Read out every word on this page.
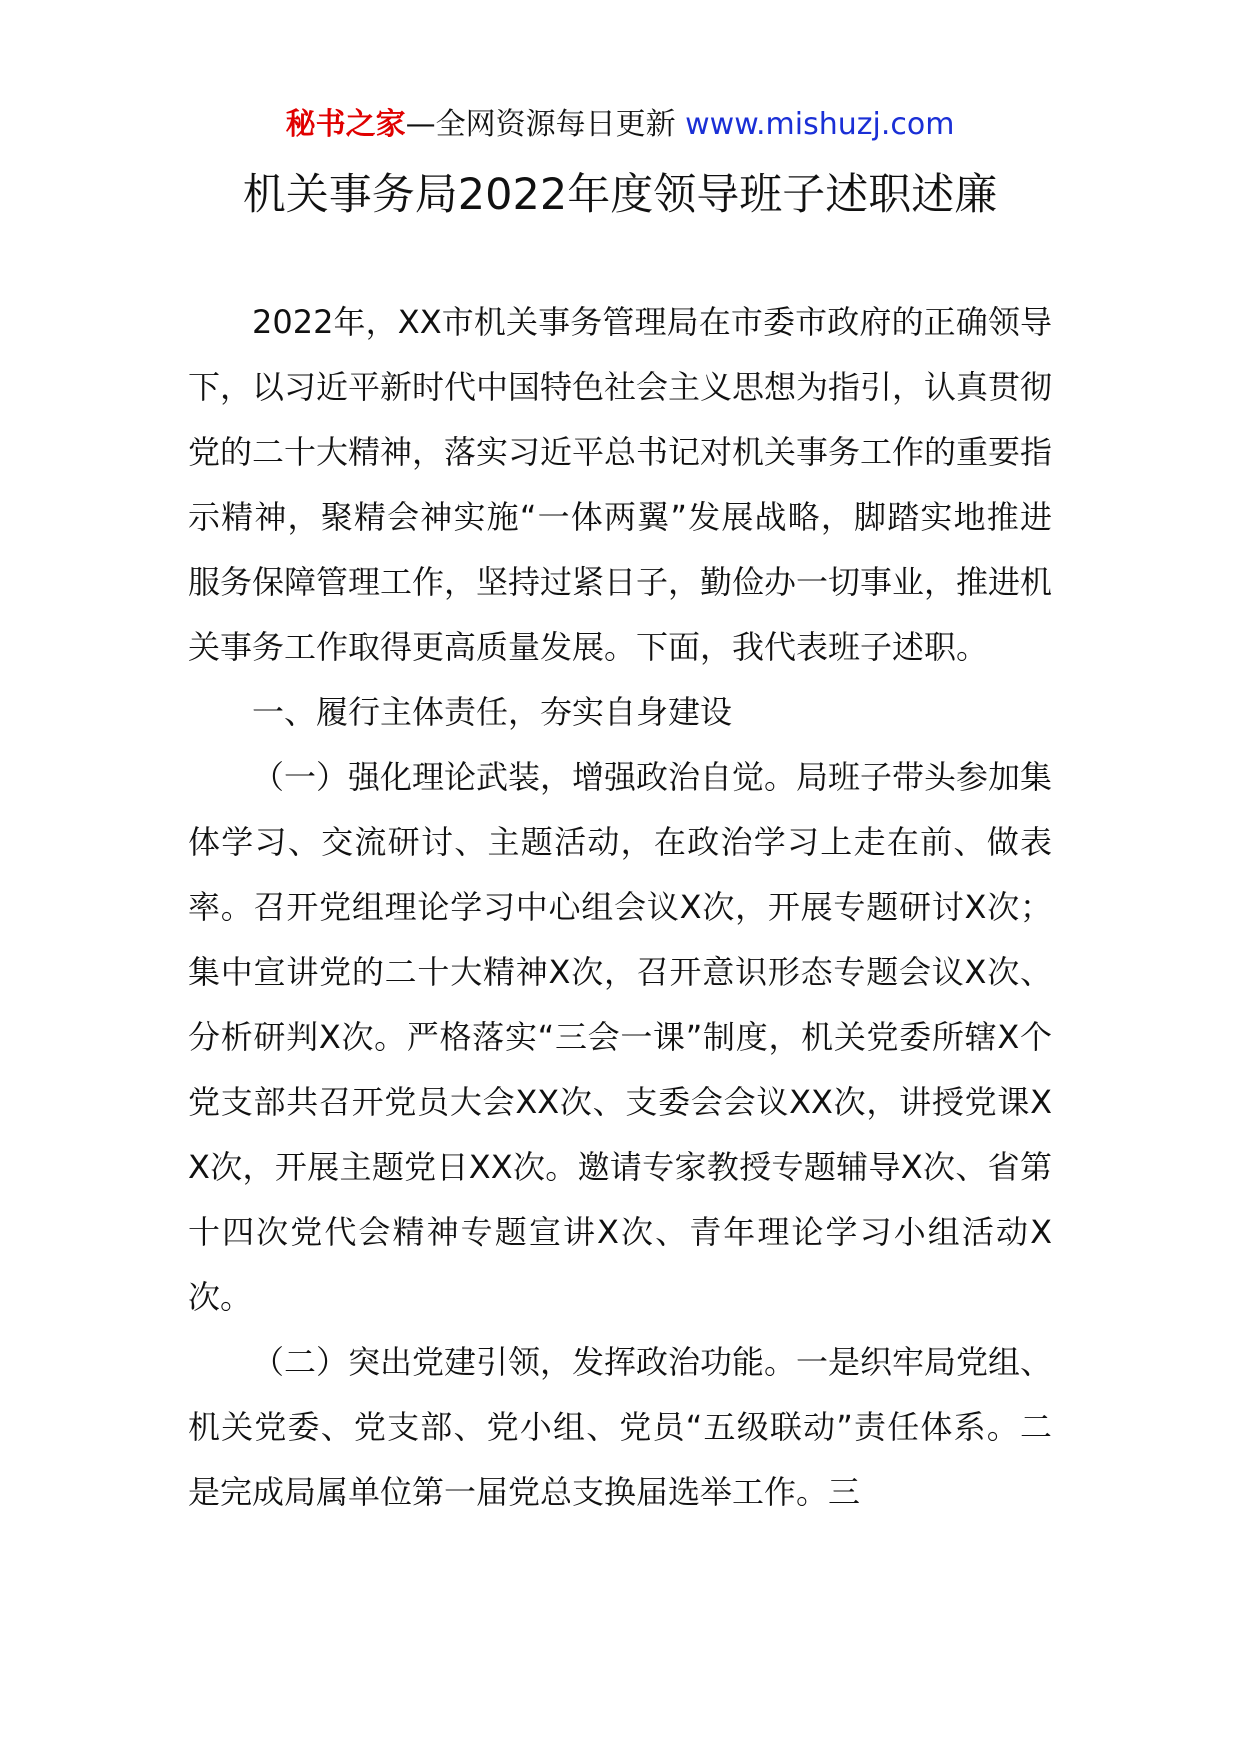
秘书之家—全网资源每日更新 www.mishuzj.com
机关事务局2022年度领导班子述职述廉

2022年，XX市机关事务管理局在市委市政府的正确领导下，以习近平新时代中国特色社会主义思想为指引，认真贯彻党的二十大精神，落实习近平总书记对机关事务工作的重要指示精神，聚精会神实施“一体两翼”发展战略，脚踏实地推进服务保障管理工作，坚持过紧日子，勤俭办一切事业，推进机关事务工作取得更高质量发展。下面，我代表班子述职。

一、履行主体责任，夯实自身建设

（一）强化理论武装，增强政治自觉。局班子带头参加集体学习、交流研讨、主题活动，在政治学习上走在前、做表率。召开党组理论学习中心组会议X次，开展专题研讨X次；集中宣讲党的二十大精神X次，召开意识形态专题会议X次、分析研判X次。严格落实“三会一课”制度，机关党委所辖X个党支部共召开党员大会XX次、支委会会议XX次，讲授党课XX次，开展主题党日XX次。邀请专家教授专题辅导X次、省第十四次党代会精神专题宣讲X次、青年理论学习小组活动X次。

（二）突出党建引领，发挥政治功能。一是织牢局党组、机关党委、党支部、党小组、党员“五级联动”责任体系。二是完成局属单位第一届党总支换届选举工作。三
